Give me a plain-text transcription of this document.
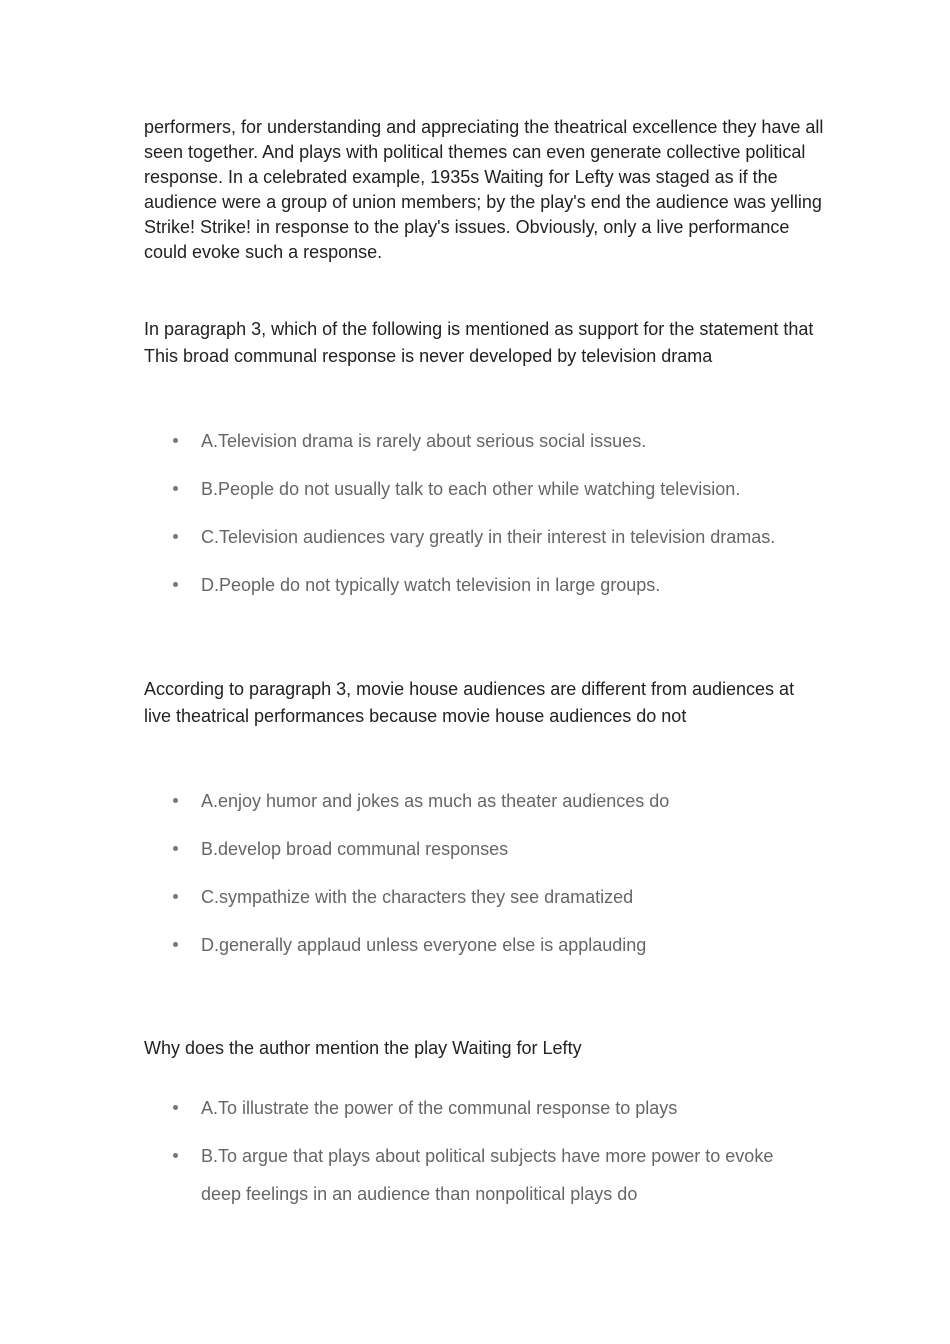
performers, for understanding and appreciating the theatrical excellence they have all seen together. And plays with political themes can even generate collective political response. In a celebrated example, 1935s Waiting for Lefty was staged as if the audience were a group of union members; by the play's end the audience was yelling Strike! Strike! in response to the play's issues. Obviously, only a live performance could evoke such a response.

In paragraph 3, which of the following is mentioned as support for the statement that This broad communal response is never developed by television drama

A.Television drama is rarely about serious social issues.
B.People do not usually talk to each other while watching television.
C.Television audiences vary greatly in their interest in television dramas.
D.People do not typically watch television in large groups.

According to paragraph 3, movie house audiences are different from audiences at live theatrical performances because movie house audiences do not

A.enjoy humor and jokes as much as theater audiences do
B.develop broad communal responses
C.sympathize with the characters they see dramatized
D.generally applaud unless everyone else is applauding

Why does the author mention the play Waiting for Lefty

A.To illustrate the power of the communal response to plays
B.To argue that plays about political subjects have more power to evoke deep feelings in an audience than nonpolitical plays do
